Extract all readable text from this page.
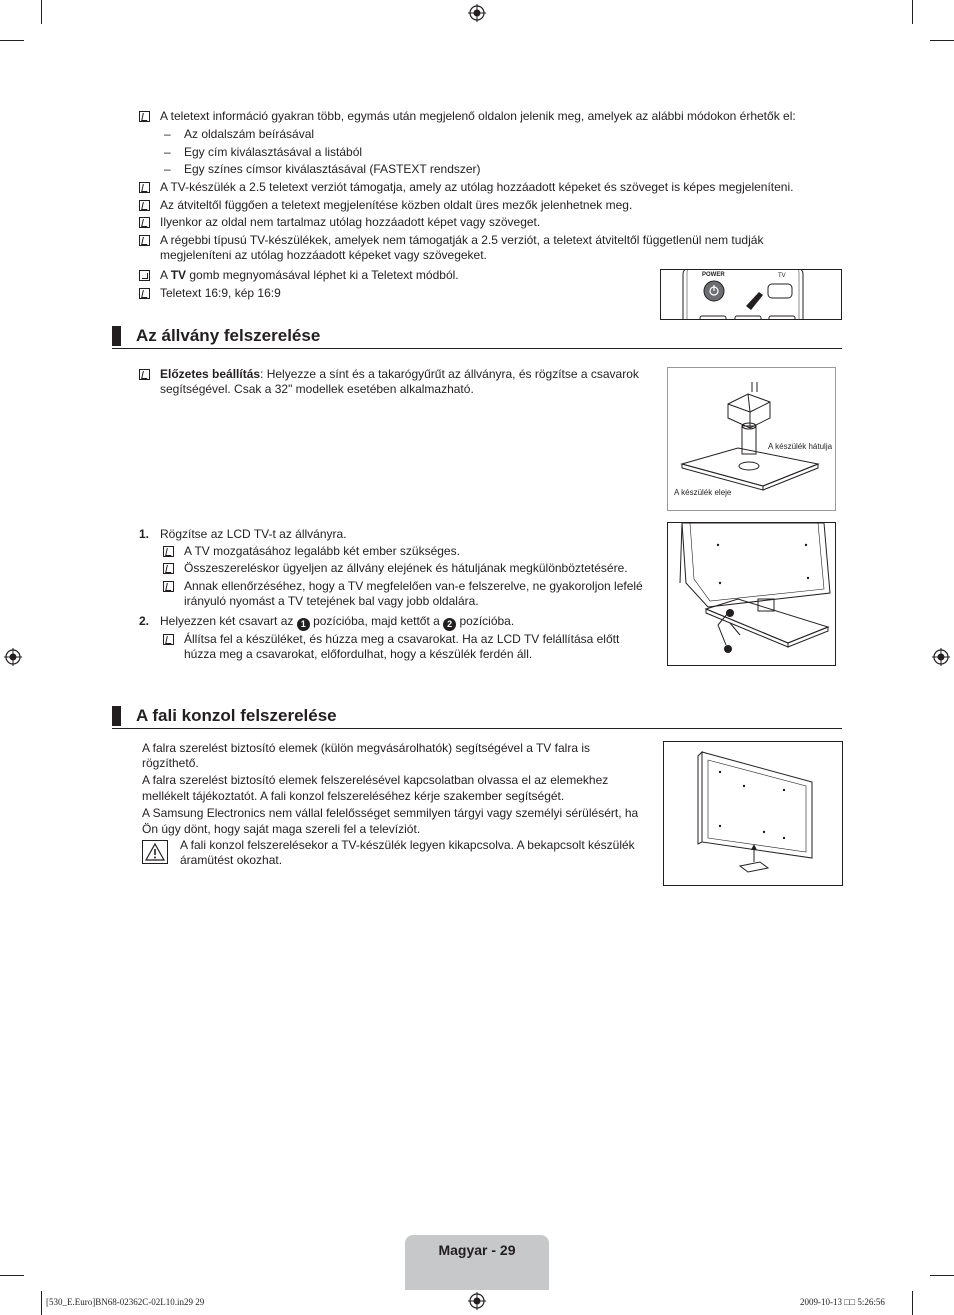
A teletext információ gyakran több, egymás után megjelenő oldalon jelenik meg, amelyek az alábbi módokon érhetők el:
– Az oldalszám beírásával
– Egy cím kiválasztásával a listából
– Egy színes címsor kiválasztásával (FASTEXT rendszer)
A TV-készülék a 2.5 teletext verziót támogatja, amely az utólag hozzáadott képeket és szöveget is képes megjeleníteni.
Az átviteltől függően a teletext megjelenítése közben oldalt üres mezők jelenhetnek meg.
Ilyenkor az oldal nem tartalmaz utólag hozzáadott képet vagy szöveget.
A régebbi típusú TV-készülékek, amelyek nem támogatják a 2.5 verziót, a teletext átviteltől függetlenül nem tudják
megjeleníteni az utólag hozzáadott képeket vagy szövegeket.
A TV gomb megnyomásával léphet ki a Teletext módból.
Teletext 16:9, kép 16:9
POWER	TV
Az állvány felszerelése
Előzetes beállítás: Helyezze a sínt és a takarógyűrűt az állványra, és rögzítse a csavarok
segítségével. Csak a 32" modellek esetében alkalmazható.
A készülék hátulja
A készülék eleje
1. Rögzítse az LCD TV-t az állványra.
A TV mozgatásához legalább két ember szükséges.
Összeszereléskor ügyeljen az állvány elejének és hátuljának megkülönböztetésére.
Annak ellenőrzéséhez, hogy a TV megfelelően van-e felszerelve, ne gyakoroljon lefelé
irányuló nyomást a TV tetejének bal vagy jobb oldalára.
2. Helyezzen két csavart az 1 pozícióba, majd kettőt a 2 pozícióba.
Állítsa fel a készüléket, és húzza meg a csavarokat. Ha az LCD TV felállítása előtt
húzza meg a csavarokat, előfordulhat, hogy a készülék ferdén áll.
A fali konzol felszerelése
A falra szerelést biztosító elemek (külön megvásárolhatók) segítségével a TV falra is
rögzíthető.
A falra szerelést biztosító elemek felszerelésével kapcsolatban olvassa el az elemekhez
mellékelt tájékoztatót. A fali konzol felszereléséhez kérje szakember segítségét.
A Samsung Electronics nem vállal felelősséget semmilyen tárgyi vagy személyi sérülésért, ha
Ön úgy dönt, hogy saját maga szereli fel a televíziót.
A fali konzol felszerelésekor a TV-készülék legyen kikapcsolva. A bekapcsolt készülék
áramütést okozhat.
Magyar - 29
[530_E.Euro]BN68-02362C-02L10.in29 29	2009-10-13 □□ 5:26:56
